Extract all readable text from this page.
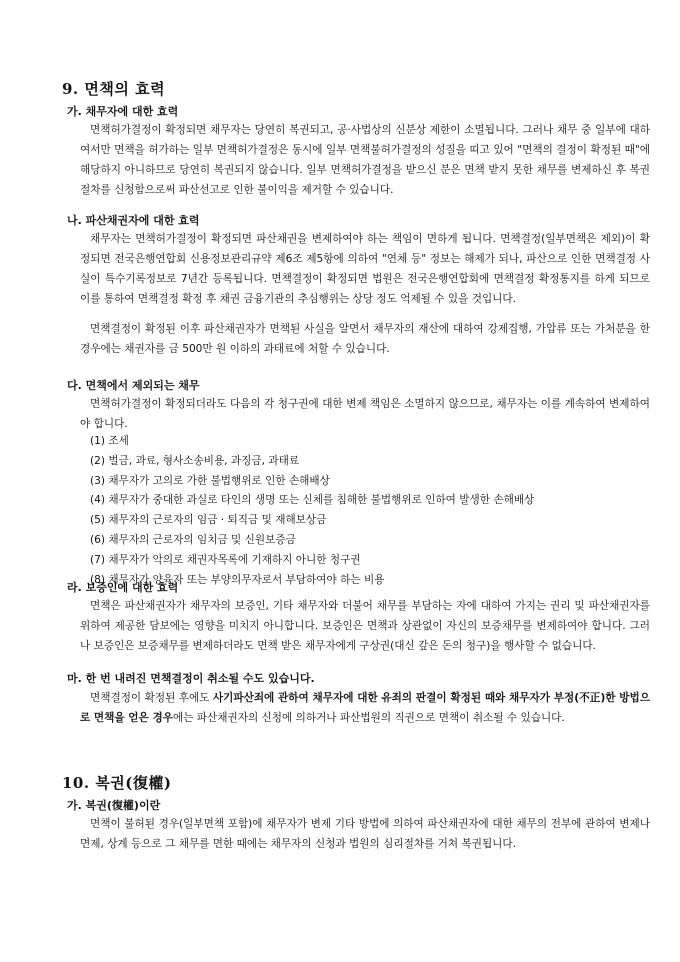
9. 면책의 효력
가. 채무자에 대한 효력
면책허가결정이 확정되면 채무자는 당연히 복권되고, 공·사법상의 신분상 제한이 소멸됩니다. 그러나 채무 중 일부에 대하여서만 면책을 허가하는 일부 면책허가결정은 동시에 일부 면책불허가결정의 성질을 띠고 있어 "면책의 결정이 확정된 때"에 해당하지 아니하므로 당연히 복권되지 않습니다. 일부 면책허가결정을 받으신 분은 면책 받지 못한 채무를 변제하신 후 복권절차를 신청함으로써 파산선고로 인한 불이익을 제거할 수 있습니다.
나. 파산채권자에 대한 효력
채무자는 면책허가결정이 확정되면 파산채권을 변제하여야 하는 책임이 면하게 됩니다. 면책결정(일부면책은 제외)이 확정되면 전국은행연합회 신용정보관리규약 제6조 제5항에 의하여 "연체 등" 정보는 해제가 되나, 파산으로 인한 면책결정 사실이 특수기록정보로 7년간 등록됩니다. 면책결정이 확정되면 법원은 전국은행연합회에 면책결정 확정통지를 하게 되므로 이를 통하여 면책결정 확정 후 채권 금융기관의 추심행위는 상당 정도 억제될 수 있을 것입니다.
면책결정이 확정된 이후 파산채권자가 면책된 사실을 알면서 채무자의 재산에 대하여 강제집행, 가압류 또는 가처분을 한 경우에는 채권자를 금 500만 원 이하의 과태료에 처할 수 있습니다.
다. 면책에서 제외되는 채무
면책허가결정이 확정되더라도 다음의 각 청구권에 대한 변제 책임은 소멸하지 않으므로, 채무자는 이를 계속하여 변제하여야 합니다.
(1) 조세
(2) 벌금, 과료, 형사소송비용, 과징금, 과태료
(3) 채무자가 고의로 가한 불법행위로 인한 손해배상
(4) 채무자가 중대한 과실로 타인의 생명 또는 신체를 침해한 불법행위로 인하여 발생한 손해배상
(5) 채무자의 근로자의 임금 · 퇴직금 및 재해보상금
(6) 채무자의 근로자의 임치금 및 신원보증금
(7) 채무자가 악의로 채권자목록에 기재하지 아니한 청구권
(8) 채무자가 양육자 또는 부양의무자로서 부담하여야 하는 비용
라. 보증인에 대한 효력
면책은 파산채권자가 채무자의 보증인, 기타 채무자와 더불어 채무를 부담하는 자에 대하여 가지는 권리 및 파산채권자를 위하여 제공한 담보에는 영향을 미치지 아니합니다. 보증인은 면책과 상관없이 자신의 보증채무를 변제하여야 합니다. 그러나 보증인은 보증채무를 변제하더라도 면책 받은 채무자에게 구상권(대신 갚은 돈의 청구)을 행사할 수 없습니다.
마. 한 번 내려진 면책결정이 취소될 수도 있습니다.
면책결정이 확정된 후에도 사기파산죄에 관하여 채무자에 대한 유죄의 판결이 확정된 때와 채무자가 부정(不正)한 방법으로 면책을 얻은 경우에는 파산채권자의 신청에 의하거나 파산법원의 직권으로 면책이 취소될 수 있습니다.
10. 복권(復權)
가. 복권(復權)이란
면책이 불허된 경우(일부면책 포함)에 채무자가 변제 기타 방법에 의하여 파산채권자에 대한 채무의 전부에 관하여 변제나 면제, 상계 등으로 그 채무를 면한 때에는 채무자의 신청과 법원의 심리절차를 거쳐 복권됩니다.
